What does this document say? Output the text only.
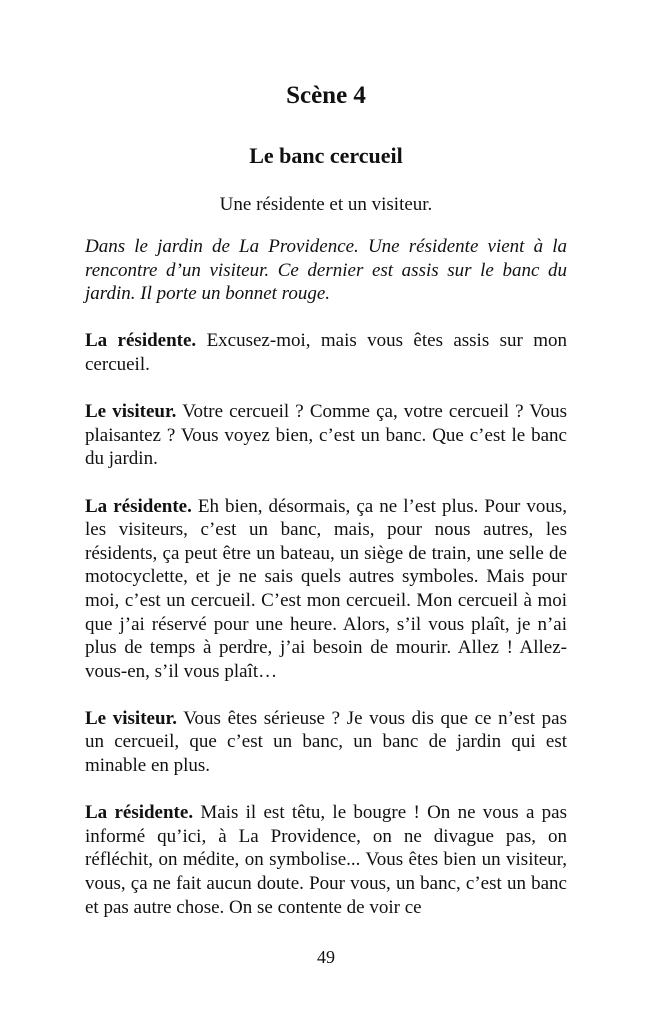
Scène 4
Le banc cercueil

Une résidente et un visiteur.

Dans le jardin de La Providence. Une résidente vient à la rencontre d’un visiteur. Ce dernier est assis sur le banc du jardin. Il porte un bonnet rouge.

La résidente. Excusez-moi, mais vous êtes assis sur mon cercueil.

Le visiteur. Votre cercueil ? Comme ça, votre cercueil ? Vous plaisantez ? Vous voyez bien, c’est un banc. Que c’est le banc du jardin.

La résidente. Eh bien, désormais, ça ne l’est plus. Pour vous, les visiteurs, c’est un banc, mais, pour nous autres, les résidents, ça peut être un bateau, un siège de train, une selle de motocyclette, et je ne sais quels autres symboles. Mais pour moi, c’est un cercueil. C’est mon cercueil. Mon cercueil à moi que j’ai réservé pour une heure. Alors, s’il vous plaît, je n’ai plus de temps à perdre, j’ai besoin de mourir. Allez ! Allez-vous-en, s’il vous plaît…

Le visiteur. Vous êtes sérieuse ? Je vous dis que ce n’est pas un cercueil, que c’est un banc, un banc de jardin qui est minable en plus.

La résidente. Mais il est têtu, le bougre ! On ne vous a pas informé qu’ici, à La Providence, on ne divague pas, on réfléchit, on médite, on symbolise... Vous êtes bien un visiteur, vous, ça ne fait aucun doute. Pour vous, un banc, c’est un banc et pas autre chose. On se contente de voir ce

49
